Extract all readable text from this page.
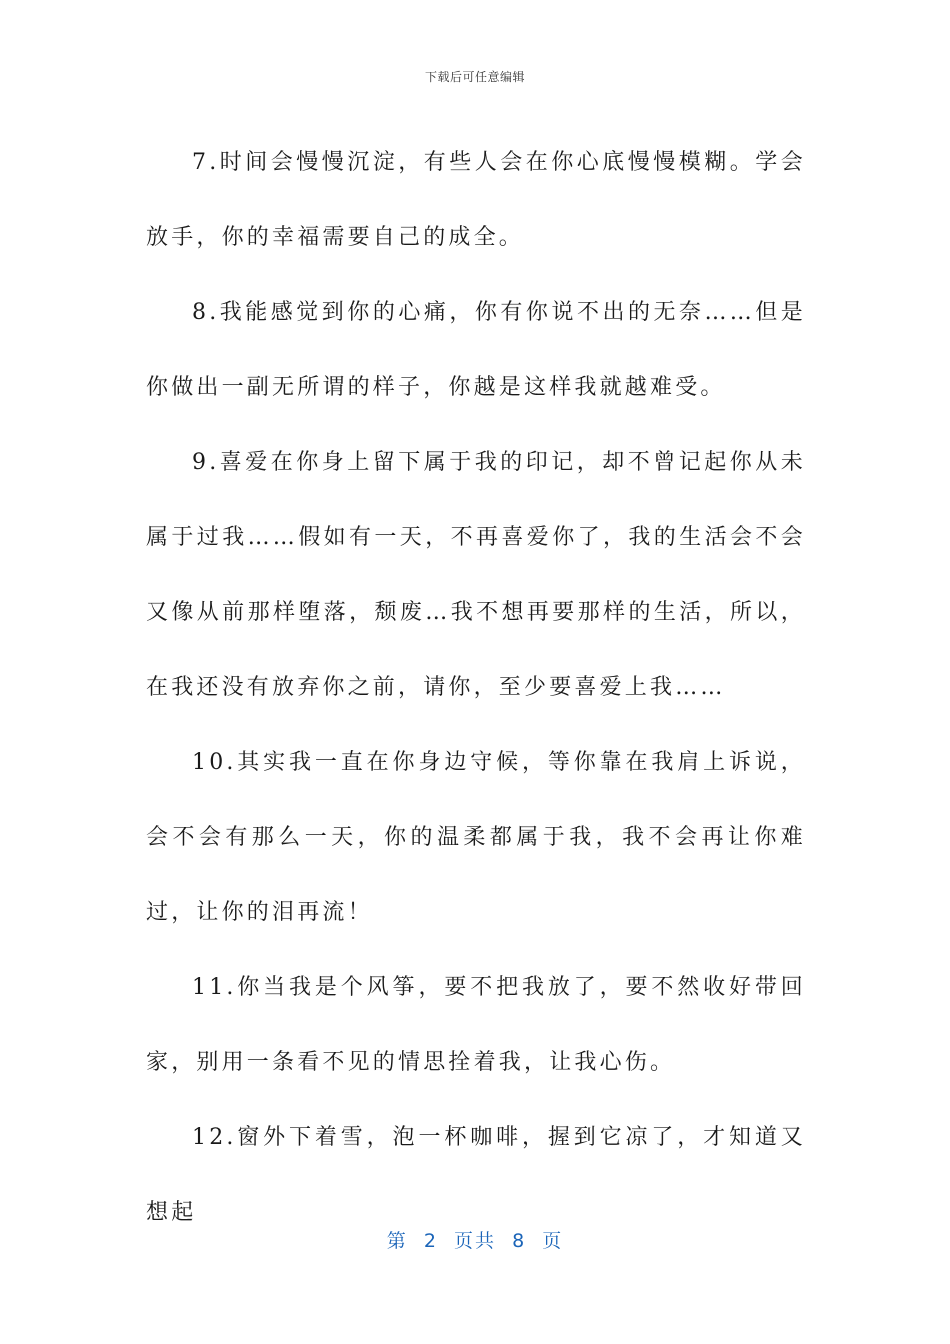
下载后可任意编辑

7.时间会慢慢沉淀，有些人会在你心底慢慢模糊。学会放手，你的幸福需要自己的成全。

8.我能感觉到你的心痛，你有你说不出的无奈……但是你做出一副无所谓的样子，你越是这样我就越难受。

9.喜爱在你身上留下属于我的印记，却不曾记起你从未属于过我……假如有一天，不再喜爱你了，我的生活会不会又像从前那样堕落，颓废…我不想再要那样的生活，所以，在我还没有放弃你之前，请你，至少要喜爱上我……

10.其实我一直在你身边守候，等你靠在我肩上诉说，会不会有那么一天，你的温柔都属于我，我不会再让你难过，让你的泪再流！

11.你当我是个风筝，要不把我放了，要不然收好带回家，别用一条看不见的情思拴着我，让我心伤。

12.窗外下着雪，泡一杯咖啡，握到它凉了，才知道又想起

第  2  页共  8  页
